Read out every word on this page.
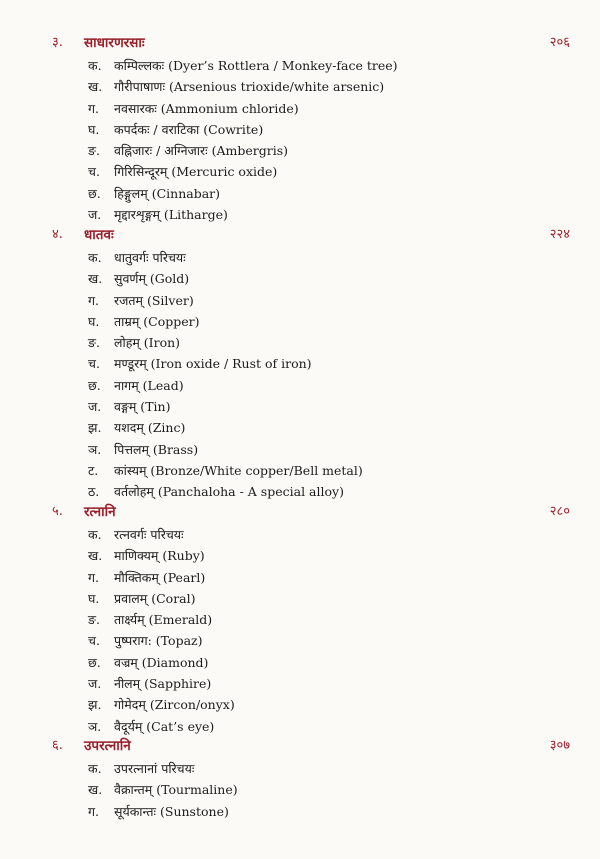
३. साधारणरसाः	२०६
क. कम्पिल्लकः (Dyer’s Rottlera / Monkey-face tree)
ख. गौरीपाषाणः (Arsenious trioxide/white arsenic)
ग. नवसारकः (Ammonium chloride)
घ. कपर्दकः / वराटिका (Cowrite)
ङ. वह्निजारः / अग्निजारः (Ambergris)
च. गिरिसिन्दूरम् (Mercuric oxide)
छ. हिङ्गुलम् (Cinnabar)
ज. मृद्दारशृङ्गम् (Litharge)
४. धातवः	२२४
क. धातुवर्गः परिचयः
ख. सुवर्णम् (Gold)
ग. रजतम् (Silver)
घ. ताम्रम् (Copper)
ङ. लोहम् (Iron)
च. मण्डूरम् (Iron oxide / Rust of iron)
छ. नागम् (Lead)
ज. वङ्गम् (Tin)
झ. यशदम् (Zinc)
ञ. पित्तलम् (Brass)
ट. कांस्यम् (Bronze/White copper/Bell metal)
ठ. वर्तलोहम् (Panchaloha - A special alloy)
५. रत्नानि	२८०
क. रत्नवर्गः परिचयः
ख. माणिक्यम् (Ruby)
ग. मौक्तिकम् (Pearl)
घ. प्रवालम् (Coral)
ङ. तार्क्ष्यम् (Emerald)
च. पुष्पराग: (Topaz)
छ. वज्रम् (Diamond)
ज. नीलम् (Sapphire)
झ. गोमेदम् (Zircon/onyx)
ञ. वैदूर्यम् (Cat’s eye)
६. उपरत्नानि	३०७
क. उपरत्नानां परिचयः
ख. वैक्रान्तम् (Tourmaline)
ग. सूर्यकान्तः (Sunstone)
